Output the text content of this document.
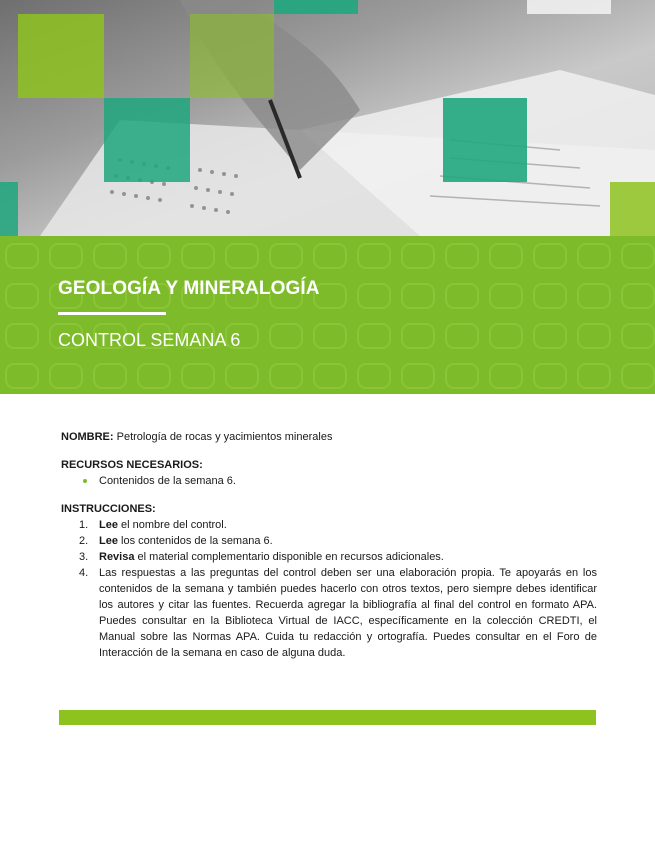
GEOLOGÍA Y MINERALOGÍA
CONTROL SEMANA 6

NOMBRE: Petrología de rocas y yacimientos minerales

RECURSOS NECESARIOS:

Contenidos de la semana 6.

INSTRUCCIONES:

1. Lee el nombre del control.
2. Lee los contenidos de la semana 6.
3. Revisa el material complementario disponible en recursos adicionales.
4. Las respuestas a las preguntas del control deben ser una elaboración propia. Te apoyarás en los contenidos de la semana y también puedes hacerlo con otros textos, pero siempre debes identificar los autores y citar las fuentes. Recuerda agregar la bibliografía al final del control en formato APA. Puedes consultar en la Biblioteca Virtual de IACC, específicamente en la colección CREDTI, el Manual sobre las Normas APA. Cuida tu redacción y ortografía. Puedes consultar en el Foro de Interacción de la semana en caso de alguna duda.
